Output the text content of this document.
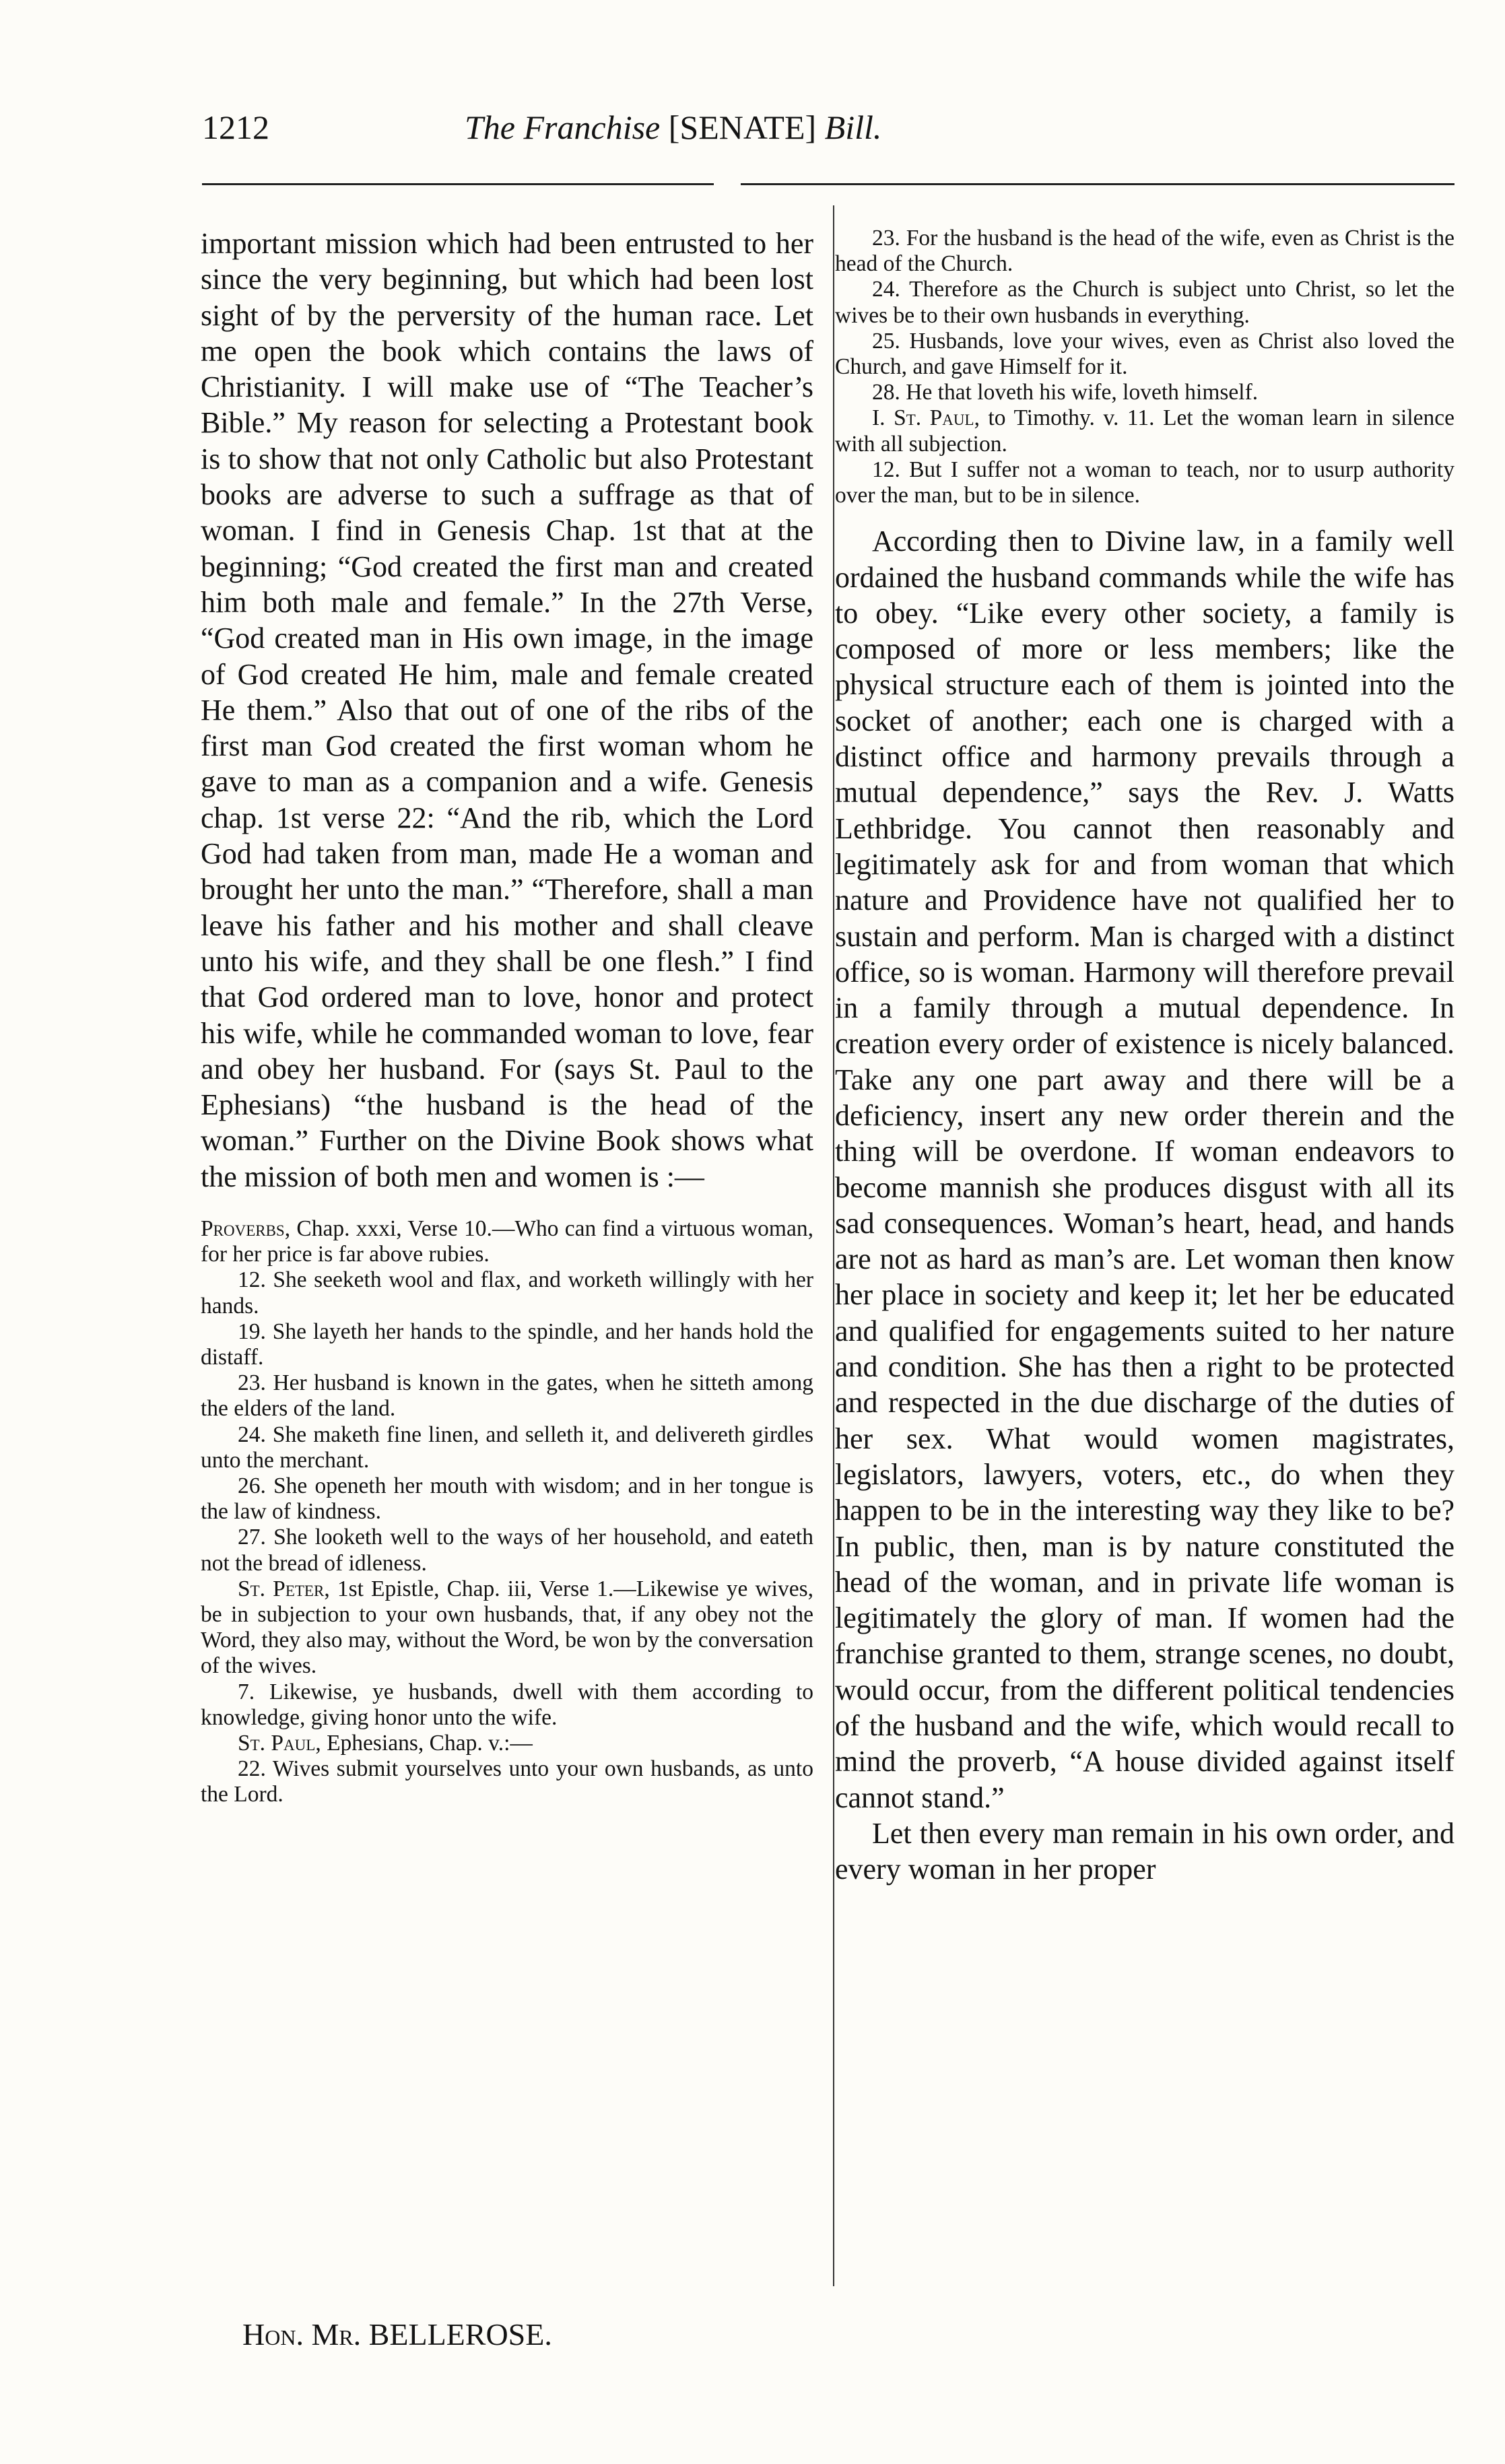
1212	The Franchise [SENATE] Bill.

important mission which had been entrusted to her since the very beginning, but which had been lost sight of by the perversity of the human race. Let me open the book which contains the laws of Christianity. I will make use of “The Teacher’s Bible.” My reason for selecting a Protestant book is to show that not only Catholic but also Protestant books are adverse to such a suffrage as that of woman. I find in Genesis Chap. 1st that at the beginning; “God created the first man and created him both male and female.” In the 27th Verse, “God created man in His own image, in the image of God created He him, male and female created He them.” Also that out of one of the ribs of the first man God created the first woman whom he gave to man as a companion and a wife. Genesis chap. 1st verse 22: “And the rib, which the Lord God had taken from man, made He a woman and brought her unto the man.” “Therefore, shall a man leave his father and his mother and shall cleave unto his wife, and they shall be one flesh.” I find that God ordered man to love, honor and protect his wife, while he commanded woman to love, fear and obey her husband. For (says St. Paul to the Ephesians) “the husband is the head of the woman.” Further on the Divine Book shows what the mission of both men and women is :—

Proverbs, Chap. xxxi, Verse 10.—Who can find a virtuous woman, for her price is far above rubies.

12. She seeketh wool and flax, and worketh willingly with her hands.

19. She layeth her hands to the spindle, and her hands hold the distaff.

23. Her husband is known in the gates, when he sitteth among the elders of the land.

24. She maketh fine linen, and selleth it, and delivereth girdles unto the merchant.

26. She openeth her mouth with wisdom; and in her tongue is the law of kindness.

27. She looketh well to the ways of her household, and eateth not the bread of idleness.

St. Peter, 1st Epistle, Chap. iii, Verse 1.—Likewise ye wives, be in subjection to your own husbands, that, if any obey not the Word, they also may, without the Word, be won by the conversation of the wives.

7. Likewise, ye husbands, dwell with them according to knowledge, giving honor unto the wife.

St. Paul, Ephesians, Chap. v.:—

22. Wives submit yourselves unto your own husbands, as unto the Lord.

23. For the husband is the head of the wife, even as Christ is the head of the Church.

24. Therefore as the Church is subject unto Christ, so let the wives be to their own husbands in everything.

25. Husbands, love your wives, even as Christ also loved the Church, and gave Himself for it.

28. He that loveth his wife, loveth himself.

I. St. Paul, to Timothy. v. 11. Let the woman learn in silence with all subjection.

12. But I suffer not a woman to teach, nor to usurp authority over the man, but to be in silence.

According then to Divine law, in a family well ordained the husband commands while the wife has to obey. “Like every other society, a family is composed of more or less members; like the physical structure each of them is jointed into the socket of another; each one is charged with a distinct office and harmony prevails through a mutual dependence,” says the Rev. J. Watts Lethbridge. You cannot then reasonably and legitimately ask for and from woman that which nature and Providence have not qualified her to sustain and perform. Man is charged with a distinct office, so is woman. Harmony will therefore prevail in a family through a mutual dependence. In creation every order of existence is nicely balanced. Take any one part away and there will be a deficiency, insert any new order therein and the thing will be overdone. If woman endeavors to become mannish she produces disgust with all its sad consequences. Woman’s heart, head, and hands are not as hard as man’s are. Let woman then know her place in society and keep it; let her be educated and qualified for engagements suited to her nature and condition. She has then a right to be protected and respected in the due discharge of the duties of her sex. What would women magistrates, legislators, lawyers, voters, etc., do when they happen to be in the interesting way they like to be? In public, then, man is by nature constituted the head of the woman, and in private life woman is legitimately the glory of man. If women had the franchise granted to them, strange scenes, no doubt, would occur, from the different political tendencies of the husband and the wife, which would recall to mind the proverb, “A house divided against itself cannot stand.”

Let then every man remain in his own order, and every woman in her proper

Hon. Mr. BELLEROSE.
